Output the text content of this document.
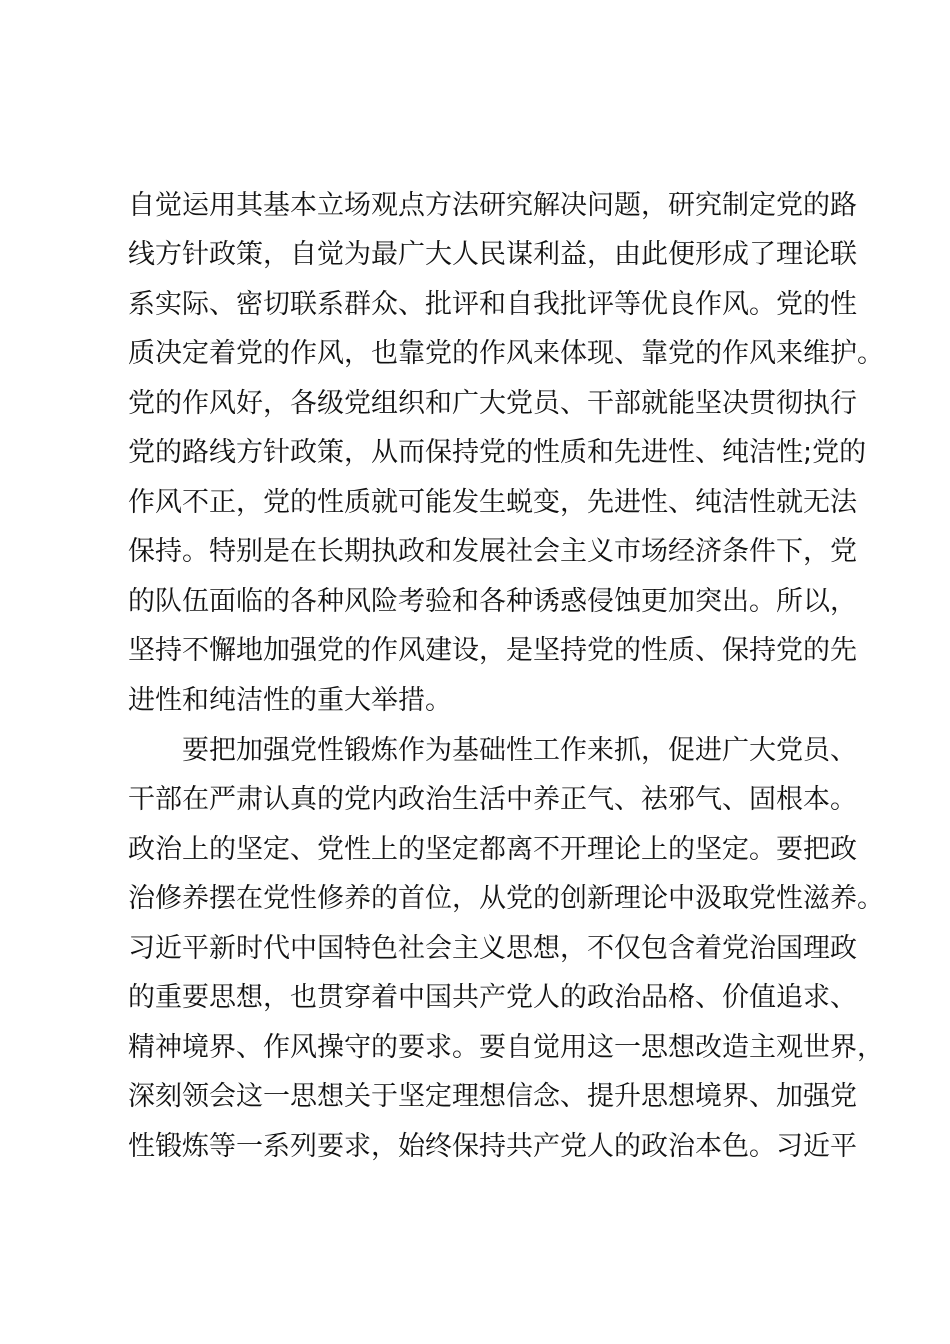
自觉运用其基本立场观点方法研究解决问题，研究制定党的路
线方针政策，自觉为最广大人民谋利益，由此便形成了理论联
系实际、密切联系群众、批评和自我批评等优良作风。党的性
质决定着党的作风，也靠党的作风来体现、靠党的作风来维护。
党的作风好，各级党组织和广大党员、干部就能坚决贯彻执行
党的路线方针政策，从而保持党的性质和先进性、纯洁性;党的
作风不正，党的性质就可能发生蜕变，先进性、纯洁性就无法
保持。特别是在长期执政和发展社会主义市场经济条件下，党
的队伍面临的各种风险考验和各种诱惑侵蚀更加突出。所以，
坚持不懈地加强党的作风建设，是坚持党的性质、保持党的先
进性和纯洁性的重大举措。
要把加强党性锻炼作为基础性工作来抓，促进广大党员、
干部在严肃认真的党内政治生活中养正气、祛邪气、固根本。
政治上的坚定、党性上的坚定都离不开理论上的坚定。要把政
治修养摆在党性修养的首位，从党的创新理论中汲取党性滋养。
习近平新时代中国特色社会主义思想，不仅包含着党治国理政
的重要思想，也贯穿着中国共产党人的政治品格、价值追求、
精神境界、作风操守的要求。要自觉用这一思想改造主观世界，
深刻领会这一思想关于坚定理想信念、提升思想境界、加强党
性锻炼等一系列要求，始终保持共产党人的政治本色。习近平
